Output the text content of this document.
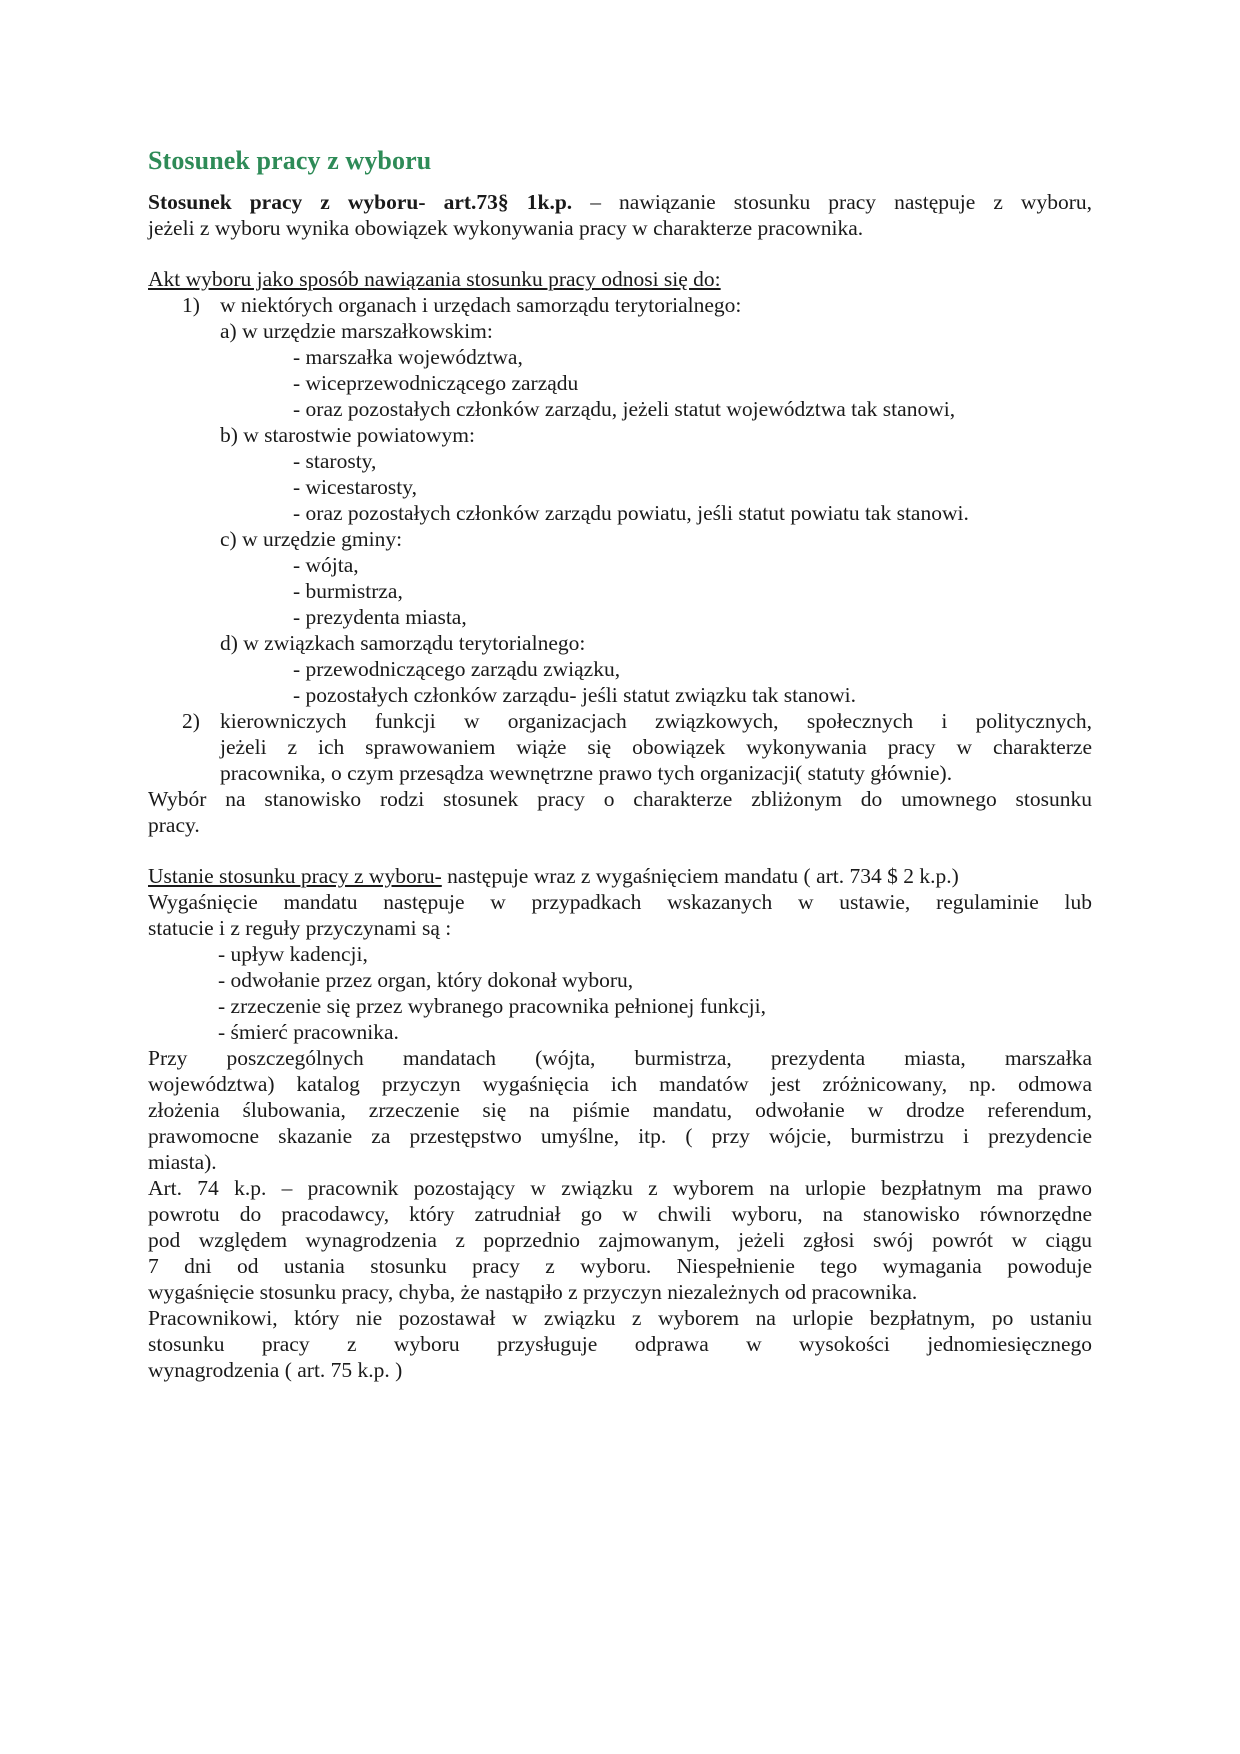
Stosunek pracy z wyboru
Stosunek pracy z wyboru- art.73§ 1k.p. – nawiązanie stosunku pracy następuje z wyboru,
jeżeli z wyboru wynika obowiązek wykonywania pracy w charakterze pracownika.
Akt wyboru jako sposób nawiązania stosunku pracy odnosi się do:
1) w niektórych organach i urzędach samorządu terytorialnego:
a) w urzędzie marszałkowskim:
- marszałka województwa,
- wiceprzewodniczącego zarządu
- oraz pozostałych członków zarządu, jeżeli statut województwa tak stanowi,
b) w starostwie powiatowym:
- starosty,
- wicestarosty,
- oraz pozostałych członków zarządu powiatu, jeśli statut powiatu tak stanowi.
c) w urzędzie gminy:
- wójta,
- burmistrza,
- prezydenta miasta,
d) w związkach samorządu terytorialnego:
- przewodniczącego zarządu związku,
- pozostałych członków zarządu- jeśli statut związku tak stanowi.
2) kierowniczych funkcji w organizacjach związkowych, społecznych i politycznych,
jeżeli z ich sprawowaniem wiąże się obowiązek wykonywania pracy w charakterze
pracownika, o czym przesądza wewnętrzne prawo tych organizacji( statuty głównie).
Wybór na stanowisko rodzi stosunek pracy o charakterze zbliżonym do umownego stosunku
pracy.
Ustanie stosunku pracy z wyboru- następuje wraz z wygaśnięciem mandatu ( art. 734 $ 2 k.p.)
Wygaśnięcie mandatu następuje w przypadkach wskazanych w ustawie, regulaminie lub
statucie i z reguły przyczynami są :
- upływ kadencji,
- odwołanie przez organ, który dokonał wyboru,
- zrzeczenie się przez wybranego pracownika pełnionej funkcji,
- śmierć pracownika.
Przy poszczególnych mandatach (wójta, burmistrza, prezydenta miasta, marszałka
województwa) katalog przyczyn wygaśnięcia ich mandatów jest zróżnicowany, np. odmowa
złożenia ślubowania, zrzeczenie się na piśmie mandatu, odwołanie w drodze referendum,
prawomocne skazanie za przestępstwo umyślne, itp. ( przy wójcie, burmistrzu i prezydencie
miasta).
Art. 74 k.p. – pracownik pozostający w związku z wyborem na urlopie bezpłatnym ma prawo
powrotu do pracodawcy, który zatrudniał go w chwili wyboru, na stanowisko równorzędne
pod względem wynagrodzenia z poprzednio zajmowanym, jeżeli zgłosi swój powrót w ciągu
7 dni od ustania stosunku pracy z wyboru. Niespełnienie tego wymagania powoduje
wygaśnięcie stosunku pracy, chyba, że nastąpiło z przyczyn niezależnych od pracownika.
Pracownikowi, który nie pozostawał w związku z wyborem na urlopie bezpłatnym, po ustaniu
stosunku pracy z wyboru przysługuje odprawa w wysokości jednomiesięcznego
wynagrodzenia ( art. 75 k.p. )
